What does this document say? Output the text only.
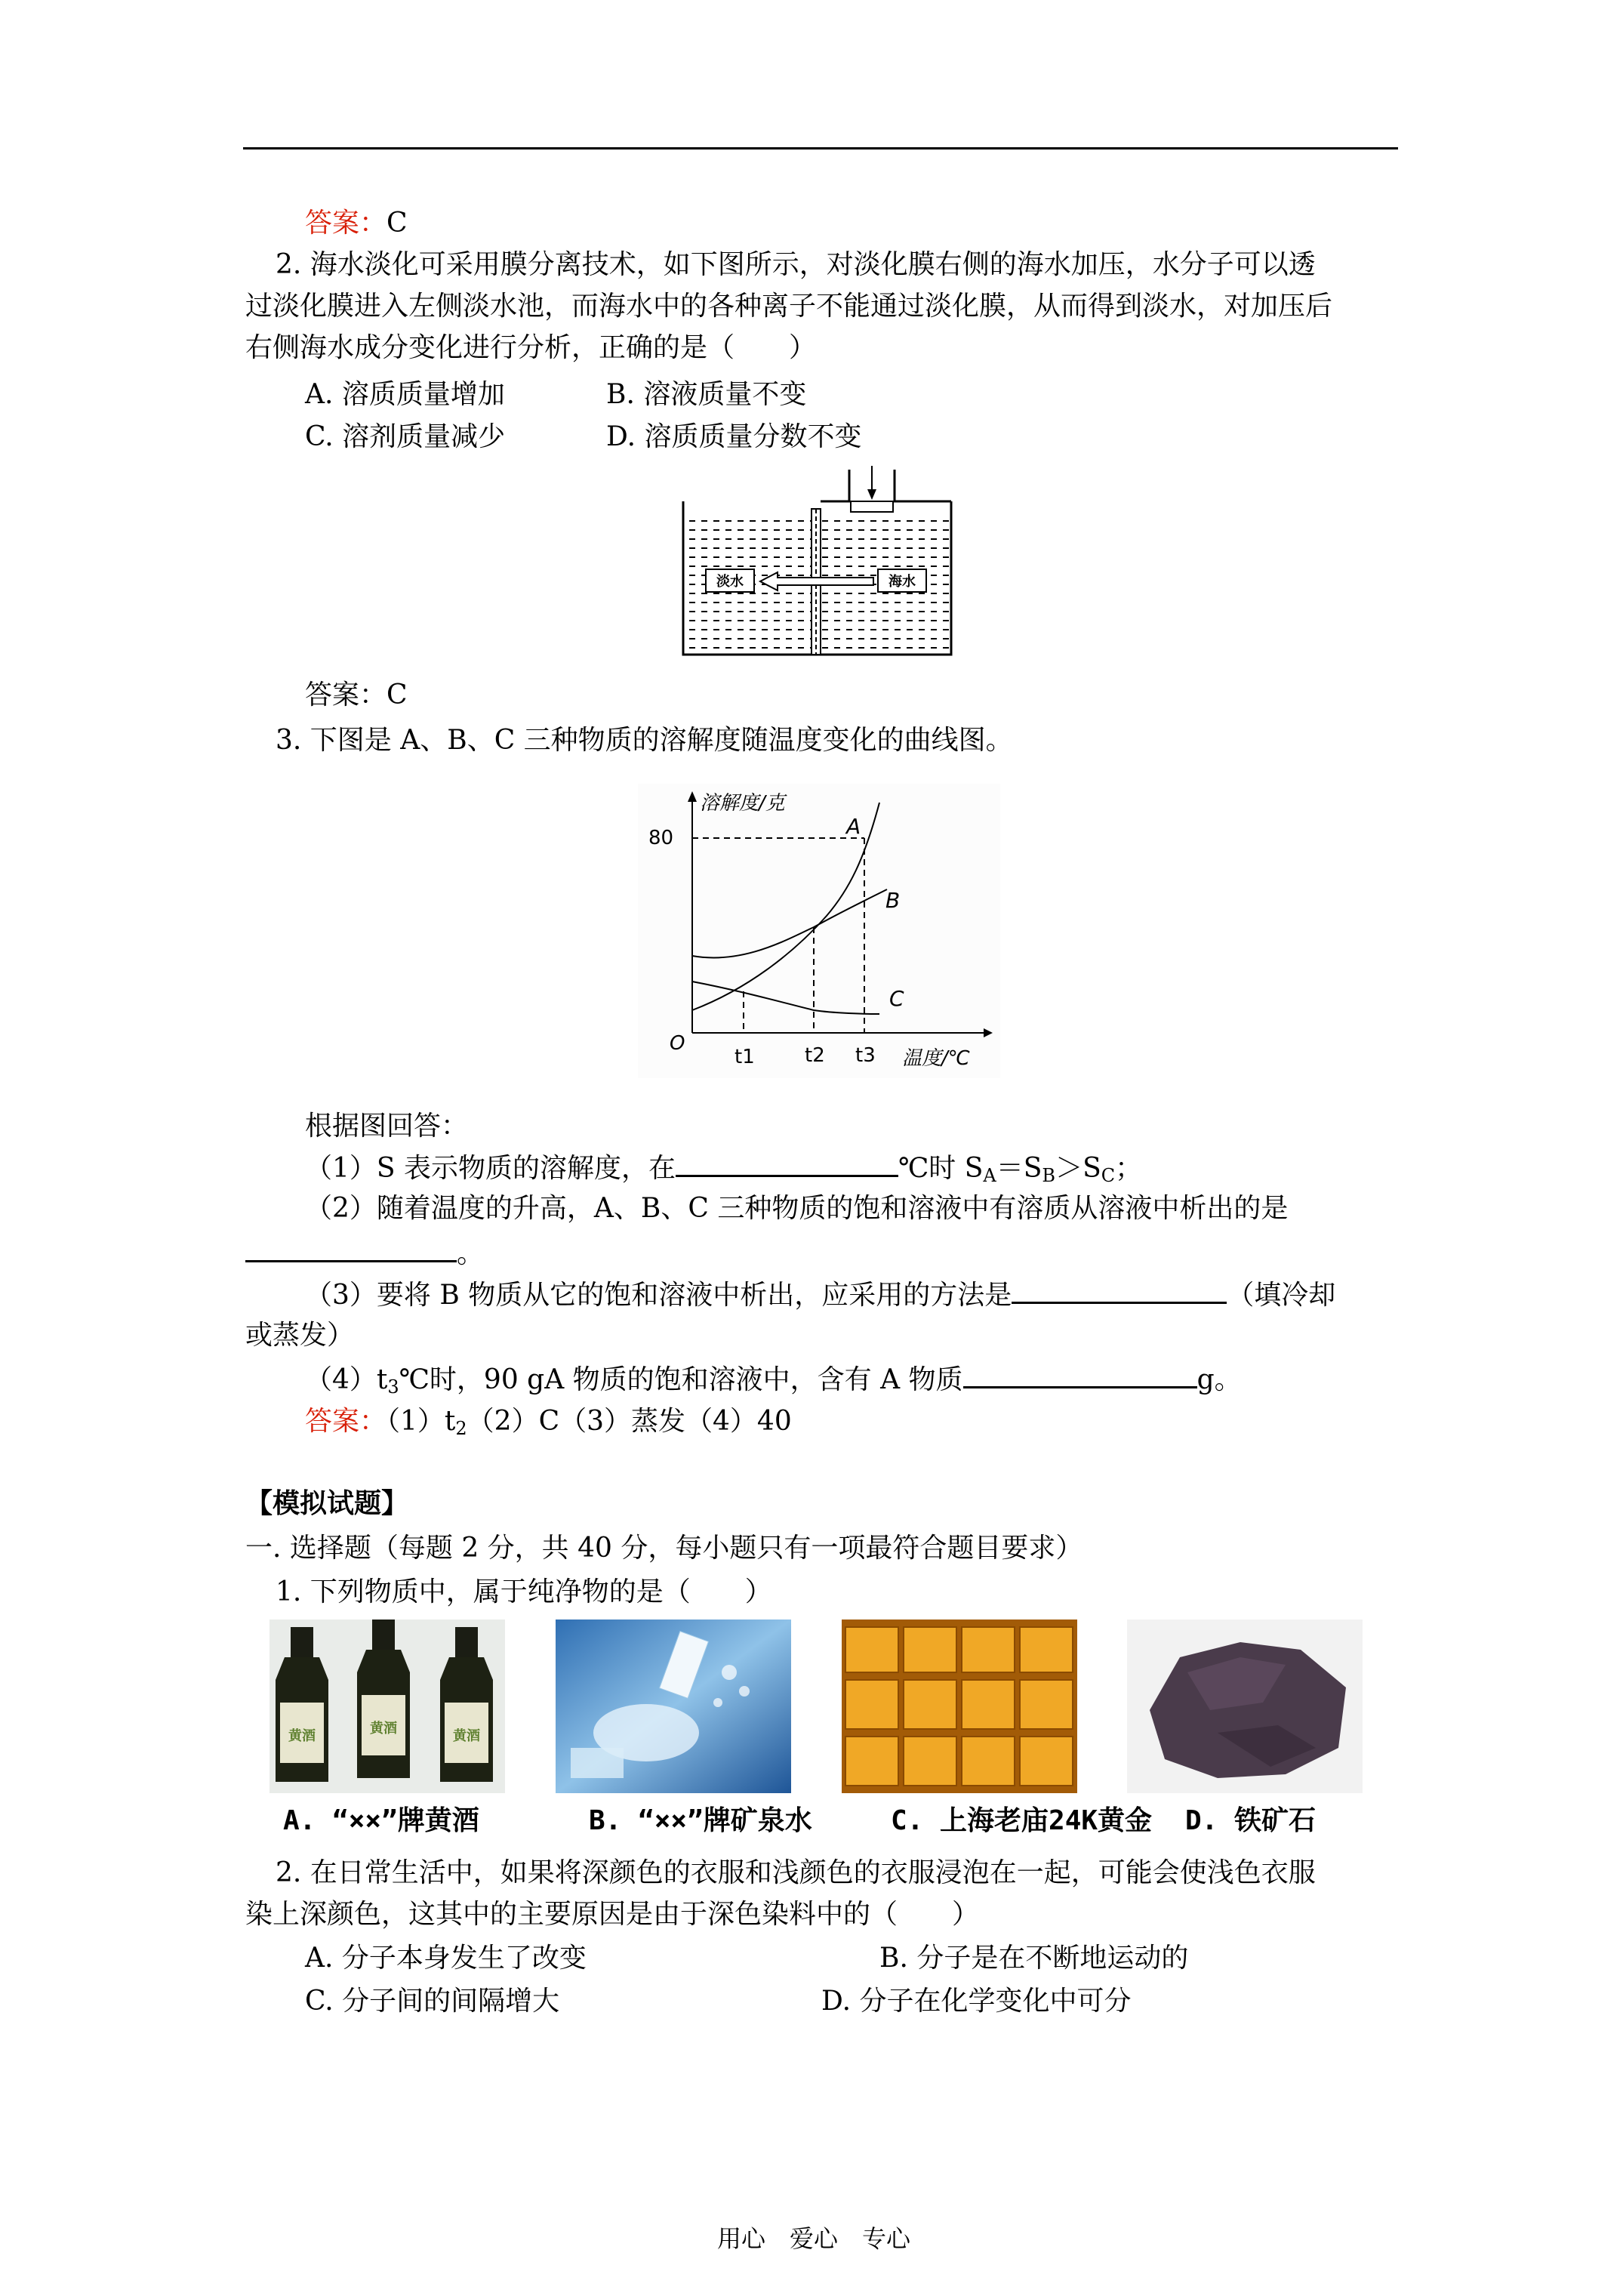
答案：C
2. 海水淡化可采用膜分离技术，如下图所示，对淡化膜右侧的海水加压，水分子可以透
过淡化膜进入左侧淡水池，而海水中的各种离子不能通过淡化膜，从而得到淡水，对加压后
右侧海水成分变化进行分析，正确的是（　　）
A. 溶质质量增加	B. 溶液质量不变
C. 溶剂质量减少	D. 溶质质量分数不变
淡水	海水
答案：C
3. 下图是 A、B、C 三种物质的溶解度随温度变化的曲线图。
溶解度/克
温度/℃
O
80
t1	t2 t3
A
B
C
根据图回答：
（1）S 表示物质的溶解度，在	℃时 $S_A=S_B>S_C$；
（2）随着温度的升高，A、B、C 三种物质的饱和溶液中有溶质从溶液中析出的是
。
（3）要将 B 物质从它的饱和溶液中析出，应采用的方法是	（填冷却
或蒸发）
$(4)t_3℃$时，90 gA 物质的饱和溶液中，含有 A 物质	g。
答案：$(1)t_2(2)C(3)$蒸发（4）40
【模拟试题】
一. 选择题（每题 2 分，共 40 分，每小题只有一项最符合题目要求）
1. 下列物质中，属于纯净物的是（　　）
黄酒	黄酒	黄酒
A. “××”牌黄酒	B. “××”牌矿泉水	C. 上海老庙24K黄金 D. 铁矿石
2. 在日常生活中，如果将深颜色的衣服和浅颜色的衣服浸泡在一起，可能会使浅色衣服
染上深颜色，这其中的主要原因是由于深色染料中的（　　）
A. 分子本身发生了改变	B. 分子是在不断地运动的
C. 分子间的间隔增大	D. 分子在化学变化中可分
用心　爱心　专心
